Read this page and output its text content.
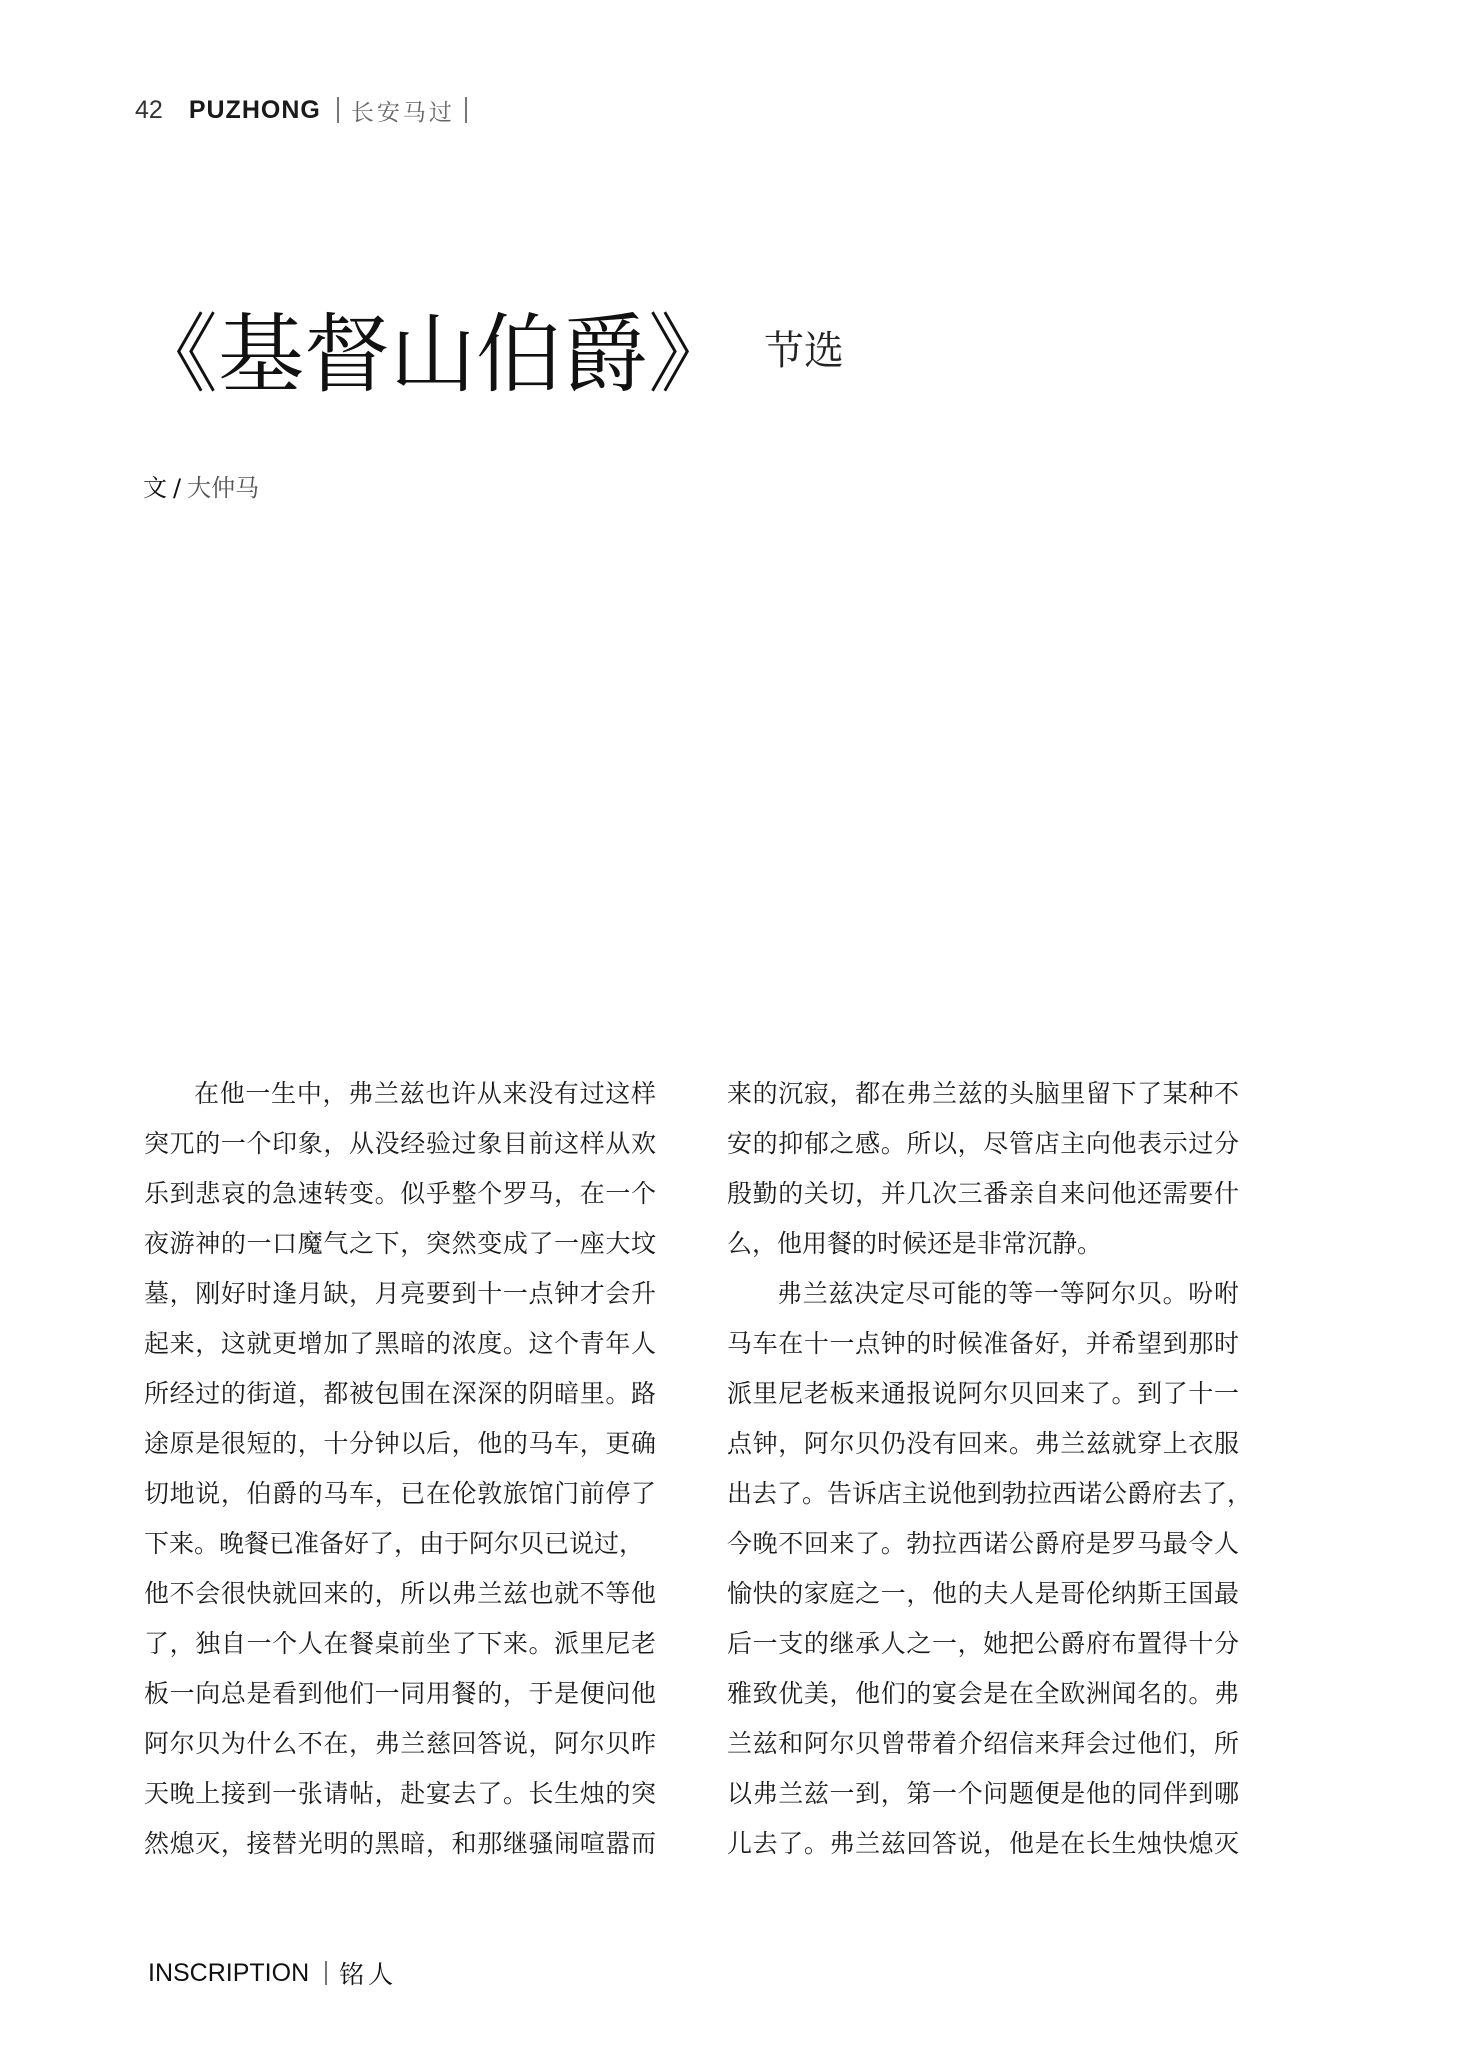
42 PUZHONG 长安马过
《基督山伯爵》 节选
文 / 大仲马
在他一生中，弗兰兹也许从来没有过这样
突兀的一个印象，从没经验过象目前这样从欢
乐到悲哀的急速转变。似乎整个罗马，在一个
夜游神的一口魔气之下，突然变成了一座大坟
墓，刚好时逢月缺，月亮要到十一点钟才会升
起来，这就更增加了黑暗的浓度。这个青年人
所经过的街道，都被包围在深深的阴暗里。路
途原是很短的，十分钟以后，他的马车，更确
切地说，伯爵的马车，已在伦敦旅馆门前停了
下来。晚餐已准备好了，由于阿尔贝已说过，
他不会很快就回来的，所以弗兰兹也就不等他
了，独自一个人在餐桌前坐了下来。派里尼老
板一向总是看到他们一同用餐的，于是便问他
阿尔贝为什么不在，弗兰慈回答说，阿尔贝昨
天晚上接到一张请帖，赴宴去了。长生烛的突
然熄灭，接替光明的黑暗，和那继骚闹喧嚣而
来的沉寂，都在弗兰兹的头脑里留下了某种不
安的抑郁之感。所以，尽管店主向他表示过分
殷勤的关切，并几次三番亲自来问他还需要什
么，他用餐的时候还是非常沉静。
弗兰兹决定尽可能的等一等阿尔贝。吩咐
马车在十一点钟的时候准备好，并希望到那时
派里尼老板来通报说阿尔贝回来了。到了十一
点钟，阿尔贝仍没有回来。弗兰兹就穿上衣服
出去了。告诉店主说他到勃拉西诺公爵府去了，
今晚不回来了。勃拉西诺公爵府是罗马最令人
愉快的家庭之一，他的夫人是哥伦纳斯王国最
后一支的继承人之一，她把公爵府布置得十分
雅致优美，他们的宴会是在全欧洲闻名的。弗
兰兹和阿尔贝曾带着介绍信来拜会过他们，所
以弗兰兹一到，第一个问题便是他的同伴到哪
儿去了。弗兰兹回答说，他是在长生烛快熄灭
INSCRIPTION 铭人
